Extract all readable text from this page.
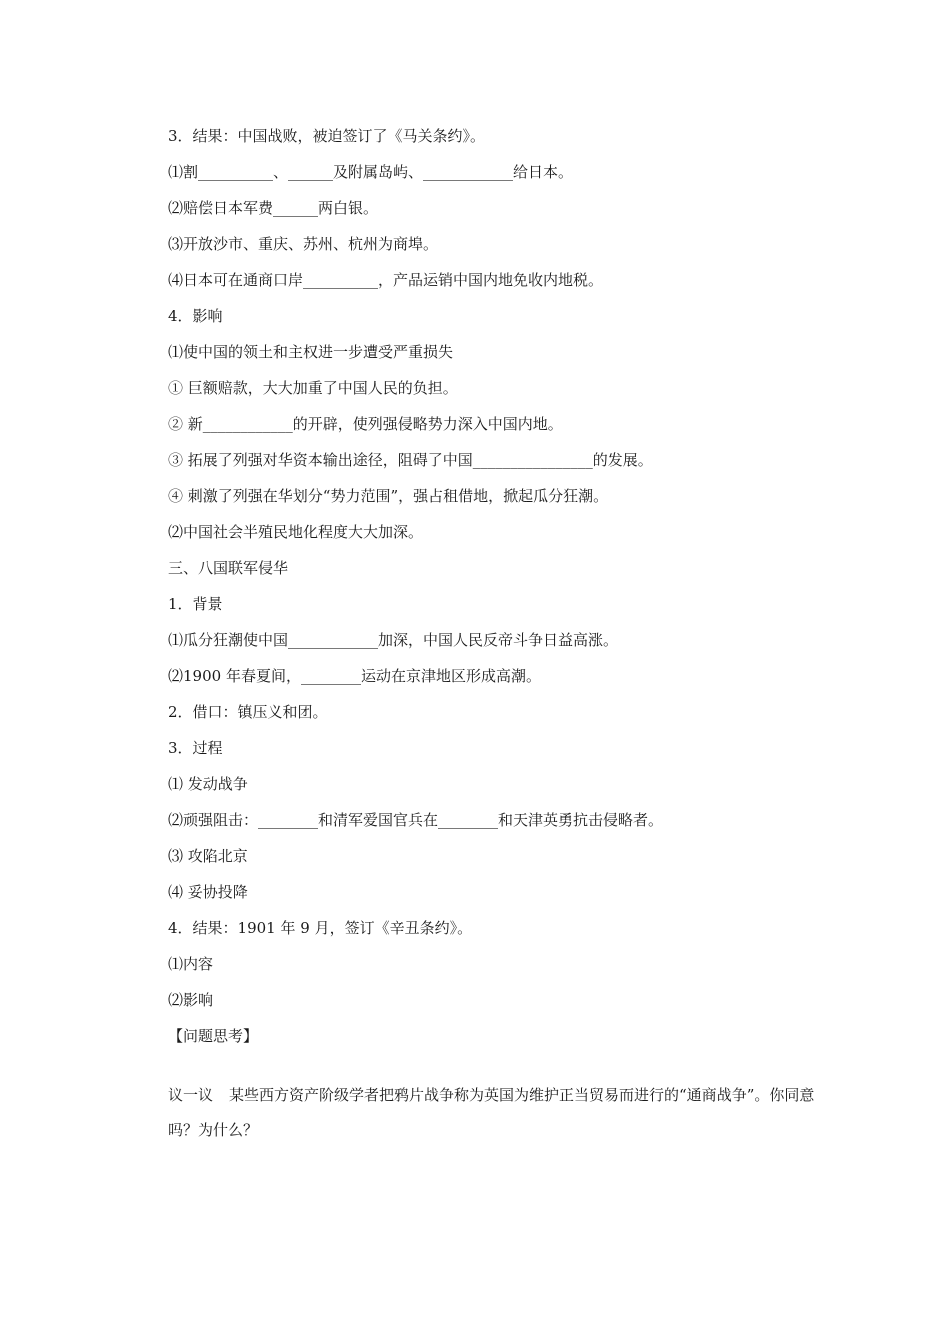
3．结果：中国战败，被迫签订了《马关条约》。
⑴割__________、______及附属岛屿、____________给日本。
⑵赔偿日本军费______两白银。
⑶开放沙市、重庆、苏州、杭州为商埠。
⑷日本可在通商口岸__________，产品运销中国内地免收内地税。
4．影响
⑴使中国的领土和主权进一步遭受严重损失
① 巨额赔款，大大加重了中国人民的负担。
② 新____________的开辟，使列强侵略势力深入中国内地。
③ 拓展了列强对华资本输出途径，阻碍了中国________________的发展。
④ 刺激了列强在华划分“势力范围”，强占租借地，掀起瓜分狂潮。
⑵中国社会半殖民地化程度大大加深。
三、八国联军侵华
1．背景
⑴瓜分狂潮使中国____________加深，中国人民反帝斗争日益高涨。
⑵1900 年春夏间，________运动在京津地区形成高潮。
2．借口：镇压义和团。
3．过程
⑴ 发动战争
⑵顽强阻击：________和清军爱国官兵在________和天津英勇抗击侵略者。
⑶ 攻陷北京
⑷ 妥协投降
4．结果：1901 年 9 月，签订《辛丑条约》。
⑴内容
⑵影响
【问题思考】
议一议 某些西方资产阶级学者把鸦片战争称为英国为维护正当贸易而进行的“通商战争”。你同意吗？为什么？
